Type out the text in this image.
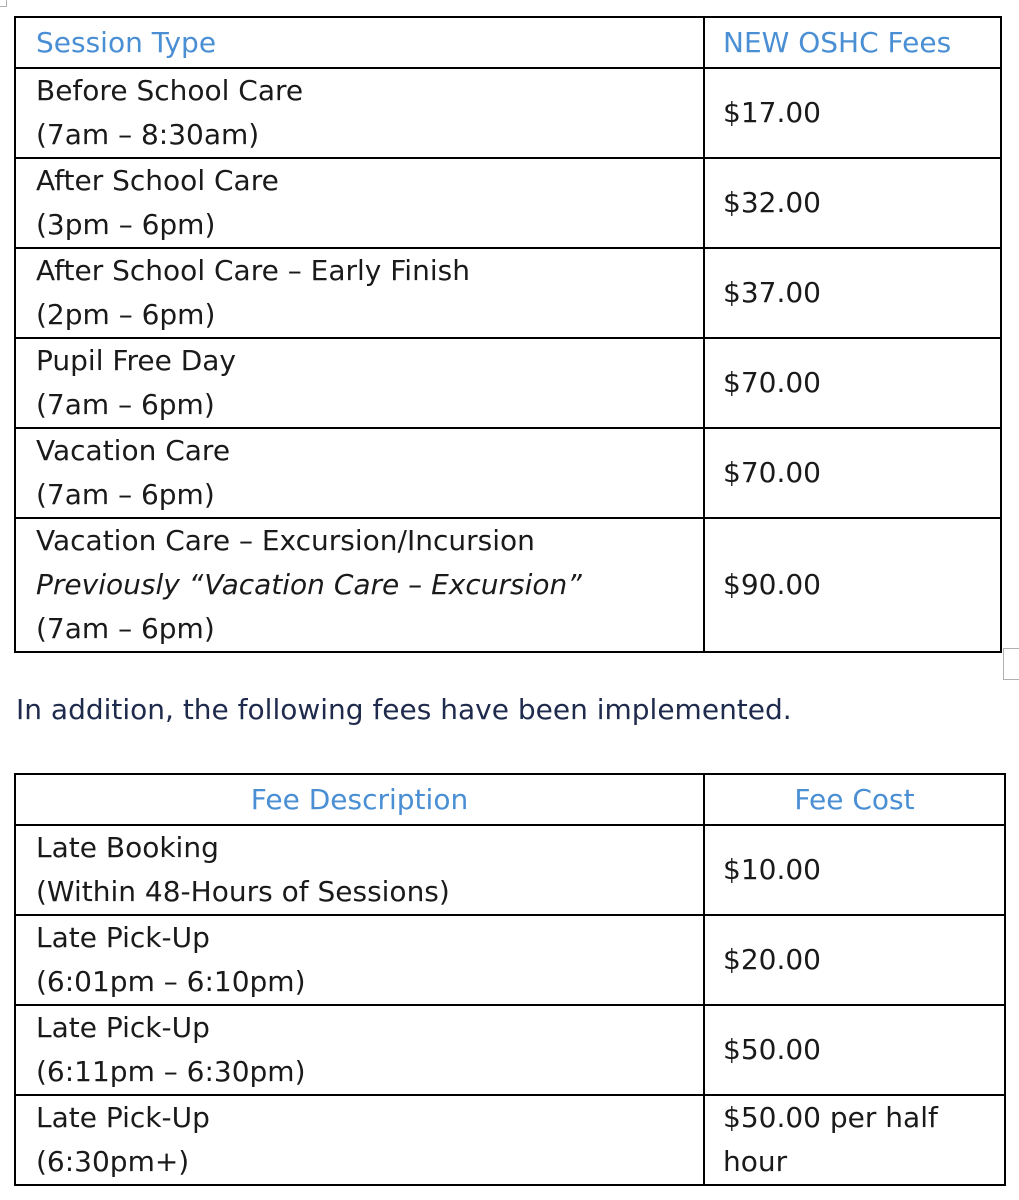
Session Type	NEW OSHC Fees

Before School Care
(7am – 8:30am)	$17.00

After School Care
(3pm – 6pm)	$32.00

After School Care – Early Finish
(2pm – 6pm)	$37.00

Pupil Free Day
(7am – 6pm)	$70.00

Vacation Care
(7am – 6pm)	$70.00

Vacation Care – Excursion/Incursion
Previously “Vacation Care – Excursion”
(7am – 6pm)	$90.00

In addition, the following fees have been implemented.

Fee Description	Fee Cost

Late Booking
(Within 48-Hours of Sessions)	$10.00

Late Pick-Up
(6:01pm – 6:10pm)	$20.00

Late Pick-Up
(6:11pm – 6:30pm)	$50.00

Late Pick-Up
(6:30pm+)	$50.00 per half
hour
